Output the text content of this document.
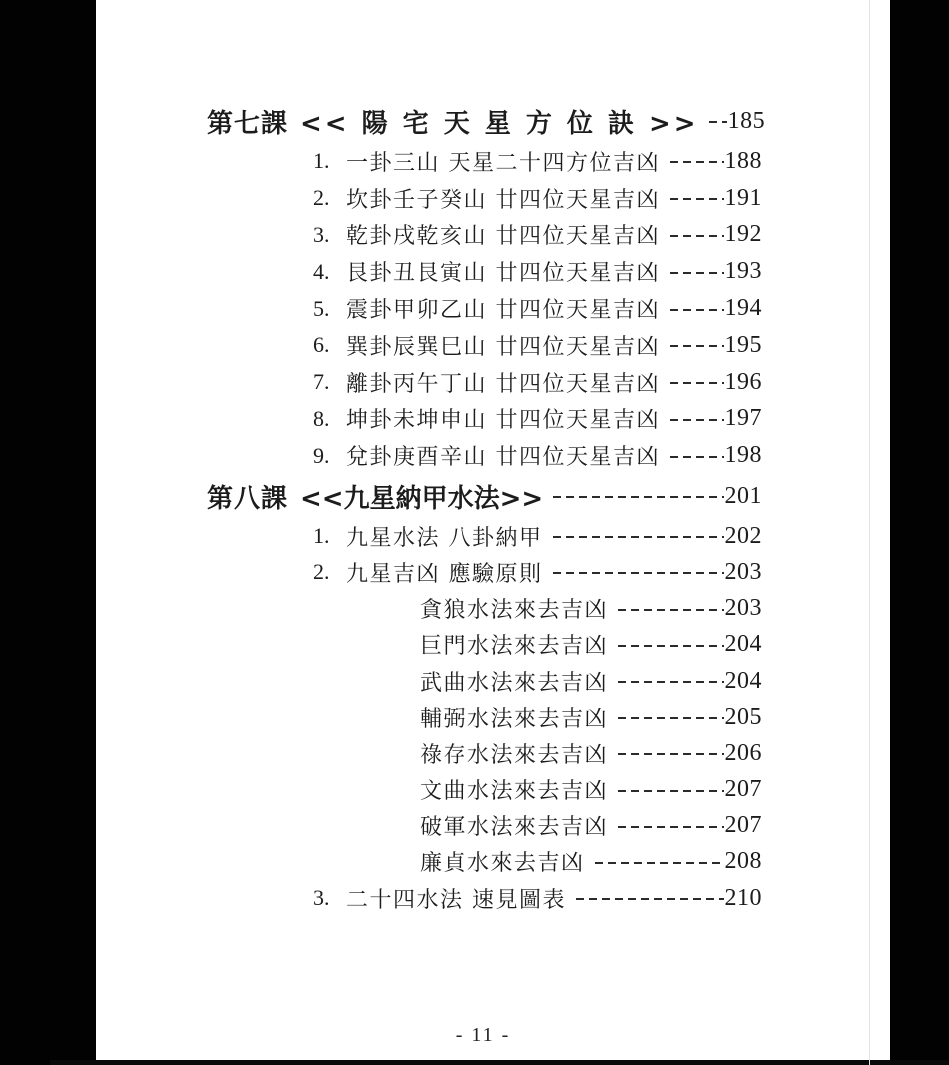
第七課 << 陽 宅 天 星 方 位 訣 >> 185
1. 一卦三山 天星二十四方位吉凶	188
2. 坎卦壬子癸山 廿四位天星吉凶	191
3. 乾卦戌乾亥山 廿四位天星吉凶	192
4. 艮卦丑艮寅山 廿四位天星吉凶	193
5. 震卦甲卯乙山 廿四位天星吉凶	194
6. 巽卦辰巽巳山 廿四位天星吉凶	195
7. 離卦丙午丁山 廿四位天星吉凶	196
8. 坤卦未坤申山 廿四位天星吉凶	197
9. 兌卦庚酉辛山 廿四位天星吉凶	198
第八課 <<九星納甲水法>>	201
1. 九星水法 八卦納甲	202
2. 九星吉凶 應驗原則	203
貪狼水法來去吉凶	203
巨門水法來去吉凶	204
武曲水法來去吉凶	204
輔弼水法來去吉凶	205
祿存水法來去吉凶	206
文曲水法來去吉凶	207
破軍水法來去吉凶	207
廉貞水來去吉凶	208
3. 二十四水法 速見圖表	210
- 11 -
